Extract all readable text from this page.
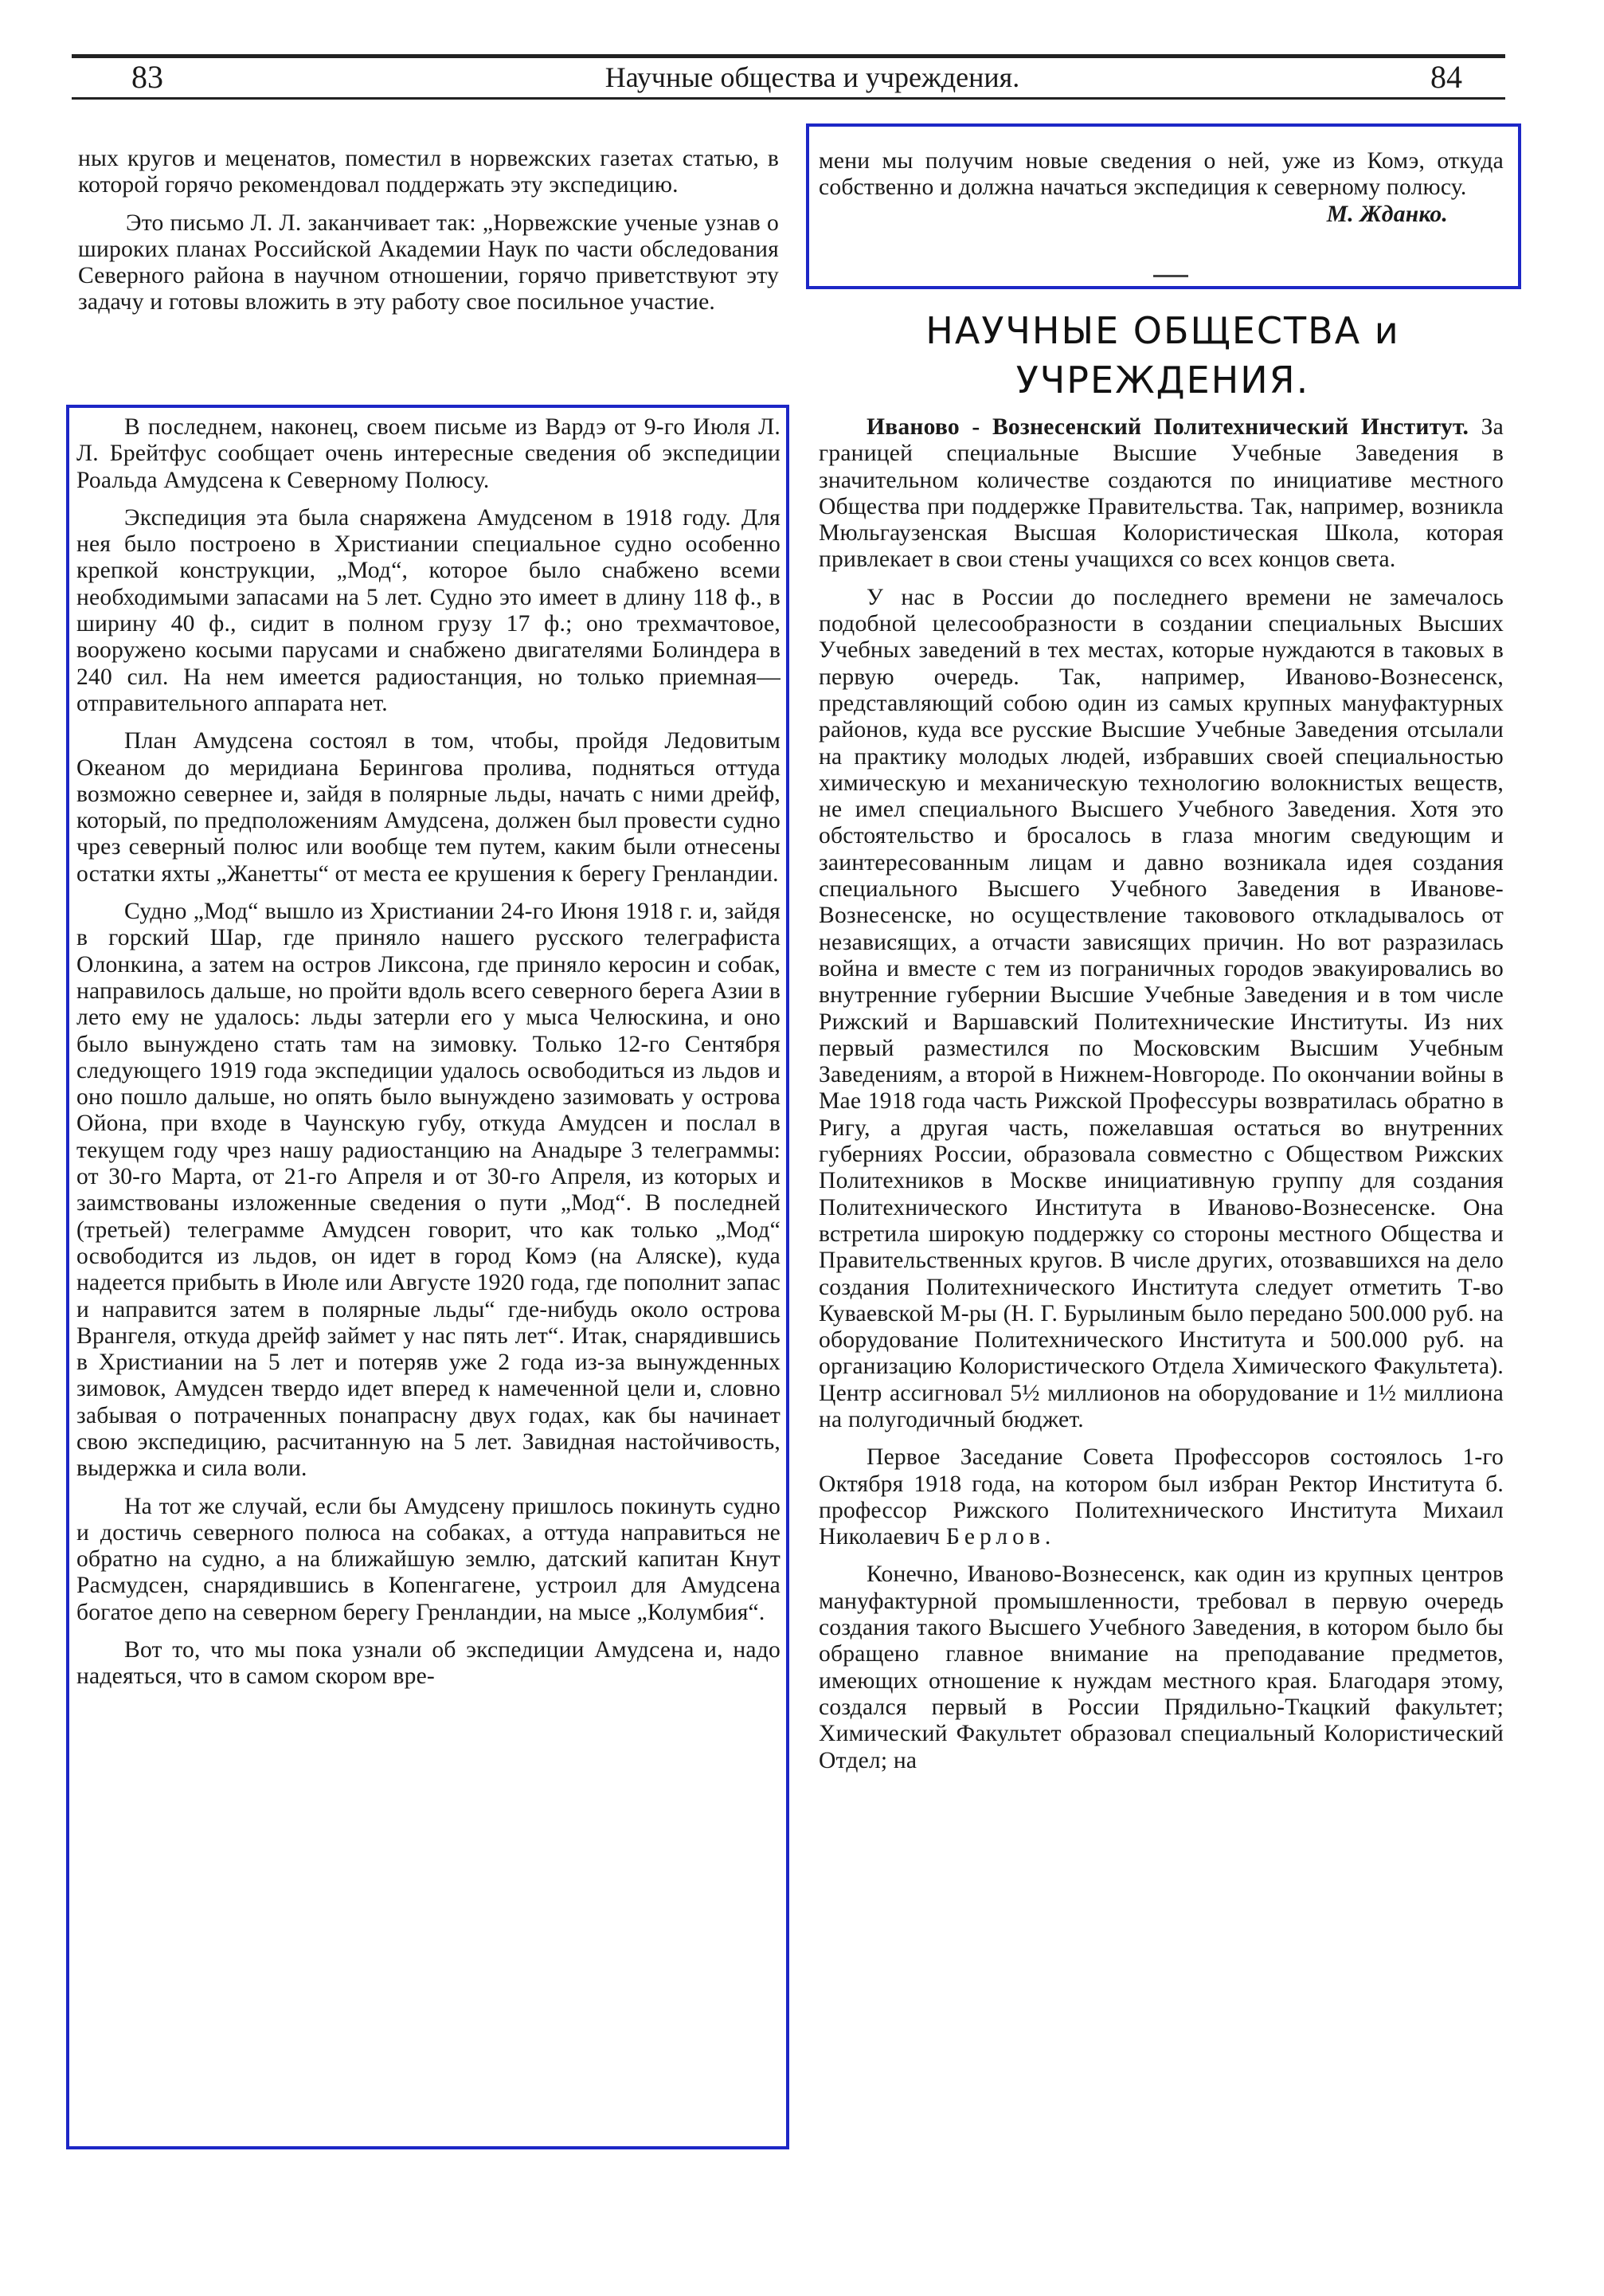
83	Научные общества и учреждения.	84

ных кругов и меценатов, поместил в норвежских газетах статью, в которой горячо рекомендовал поддержать эту экспедицию.

Это письмо Л. Л. заканчивает так: „Норвежские ученые узнав о широких планах Российской Академии Наук по части обследования Северного района в научном отношении, горячо приветствуют эту задачу и готовы вложить в эту работу свое посильное участие.

В последнем, наконец, своем письме из Вардэ от 9-го Июля Л. Л. Брейтфус сообщает очень интересные сведения об экспедиции Роальда Амудсена к Северному Полюсу.

Экспедиция эта была снаряжена Амудсеном в 1918 году. Для нея было построено в Христиании специальное судно особенно крепкой конструкции, „Мод“, которое было снабжено всеми необходимыми запасами на 5 лет. Судно это имеет в длину 118 ф., в ширину 40 ф., сидит в полном грузу 17 ф.; оно трехмачтовое, вооружено косыми парусами и снабжено двигателями Болиндера в 240 сил. На нем имеется радиостанция, но только приемная—отправительного аппарата нет.

План Амудсена состоял в том, чтобы, пройдя Ледовитым Океаном до меридиана Берингова пролива, подняться оттуда возможно севернее и, зайдя в полярные льды, начать с ними дрейф, который, по предположениям Амудсена, должен был провести судно чрез северный полюс или вообще тем путем, каким были отнесены остатки яхты „Жанетты“ от места ее крушения к берегу Гренландии.

Судно „Мод“ вышло из Христиании 24-го Июня 1918 г. и, зайдя в горский Шар, где приняло нашего русского телеграфиста Олонкина, а затем на остров Ликсона, где приняло керосин и собак, направилось дальше, но пройти вдоль всего северного берега Азии в лето ему не удалось: льды затерли его у мыса Челюскина, и оно было вынуждено стать там на зимовку. Только 12-го Сентября следующего 1919 года экспедиции удалось освободиться из льдов и оно пошло дальше, но опять было вынуждено зазимовать у острова Ойона, при входе в Чаунскую губу, откуда Амудсен и послал в текущем году чрез нашу радиостанцию на Анадыре 3 телеграммы: от 30-го Марта, от 21-го Апреля и от 30-го Апреля, из которых и заимствованы изложенные сведения о пути „Мод“. В последней (третьей) телеграмме Амудсен говорит, что как только „Мод“ освободится из льдов, он идет в город Комэ (на Аляске), куда надеется прибыть в Июле или Августе 1920 года, где пополнит запас и направится затем в полярные льды“ где-нибудь около острова Врангеля, откуда дрейф займет у нас пять лет“. Итак, снарядившись в Христиании на 5 лет и потеряв уже 2 года из-за вынужденных зимовок, Амудсен твердо идет вперед к намеченной цели и, словно забывая о потраченных понапрасну двух годах, как бы начинает свою экспедицию, расчитанную на 5 лет. Завидная настойчивость, выдержка и сила воли.

На тот же случай, если бы Амудсену пришлось покинуть судно и достичь северного полюса на собаках, а оттуда направиться не обратно на судно, а на ближайшую землю, датский капитан Кнут Расмудсен, снарядившись в Копенгагене, устроил для Амудсена богатое депо на северном берегу Гренландии, на мысе „Колумбия“.

Вот то, что мы пока узнали об экспедиции Амудсена и, надо надеяться, что в самом скором вре-

мени мы получим новые сведения о ней, уже из Комэ, откуда собственно и должна начаться экспедиция к северному полюсу.

М. Жданко.

НАУЧНЫЕ ОБЩЕСТВА и УЧРЕЖДЕНИЯ.

Иваново - Вознесенский Политехнический Институт. За границей специальные Высшие Учебные Заведения в значительном количестве создаются по инициативе местного Общества при поддержке Правительства. Так, например, возникла Мюльгаузенская Высшая Колористическая Школа, которая привлекает в свои стены учащихся со всех концов света.

У нас в России до последнего времени не замечалось подобной целесообразности в создании специальных Высших Учебных заведений в тех местах, которые нуждаются в таковых в первую очередь. Так, например, Иваново-Вознесенск, представляющий собою один из самых крупных мануфактурных районов, куда все русские Высшие Учебные Заведения отсылали на практику молодых людей, избравших своей специальностью химическую и механическую технологию волокнистых веществ, не имел специального Высшего Учебного Заведения. Хотя это обстоятельство и бросалось в глаза многим сведующим и заинтересованным лицам и давно возникала идея создания специального Высшего Учебного Заведения в Иванове-Вознесенске, но осуществление таковового откладывалось от независящих, а отчасти зависящих причин. Но вот разразилась война и вместе с тем из пограничных городов эвакуировались во внутренние губернии Высшие Учебные Заведения и в том числе Рижский и Варшавский Политехнические Институты. Из них первый разместился по Московским Высшим Учебным Заведениям, а второй в Нижнем-Новгороде. По окончании войны в Мае 1918 года часть Рижской Профессуры возвратилась обратно в Ригу, а другая часть, пожелавшая остаться во внутренних губерниях России, образовала совместно с Обществом Рижских Политехников в Москве инициативную группу для создания Политехнического Института в Иваново-Вознесенске. Она встретила широкую поддержку со стороны местного Общества и Правительственных кругов. В числе других, отозвавшихся на дело создания Политехнического Института следует отметить Т-во Куваевской М-ры (Н. Г. Бурылиным было передано 500.000 руб. на оборудование Политехнического Института и 500.000 руб. на организацию Колористического Отдела Химического Факультета). Центр ассигновал 5½ миллионов на оборудование и 1½ миллиона на полугодичный бюджет.

Первое Заседание Совета Профессоров состоялось 1-го Октября 1918 года, на котором был избран Ректор Института б. профессор Рижского Политехнического Института Михаил Николаевич Берлов.

Конечно, Иваново-Вознесенск, как один из крупных центров мануфактурной промышленности, требовал в первую очередь создания такого Высшего Учебного Заведения, в котором было бы обращено главное внимание на преподавание предметов, имеющих отношение к нуждам местного края. Благодаря этому, создался первый в России Прядильно-Ткацкий факультет; Химический Факультет образовал специальный Колористический Отдел; на
